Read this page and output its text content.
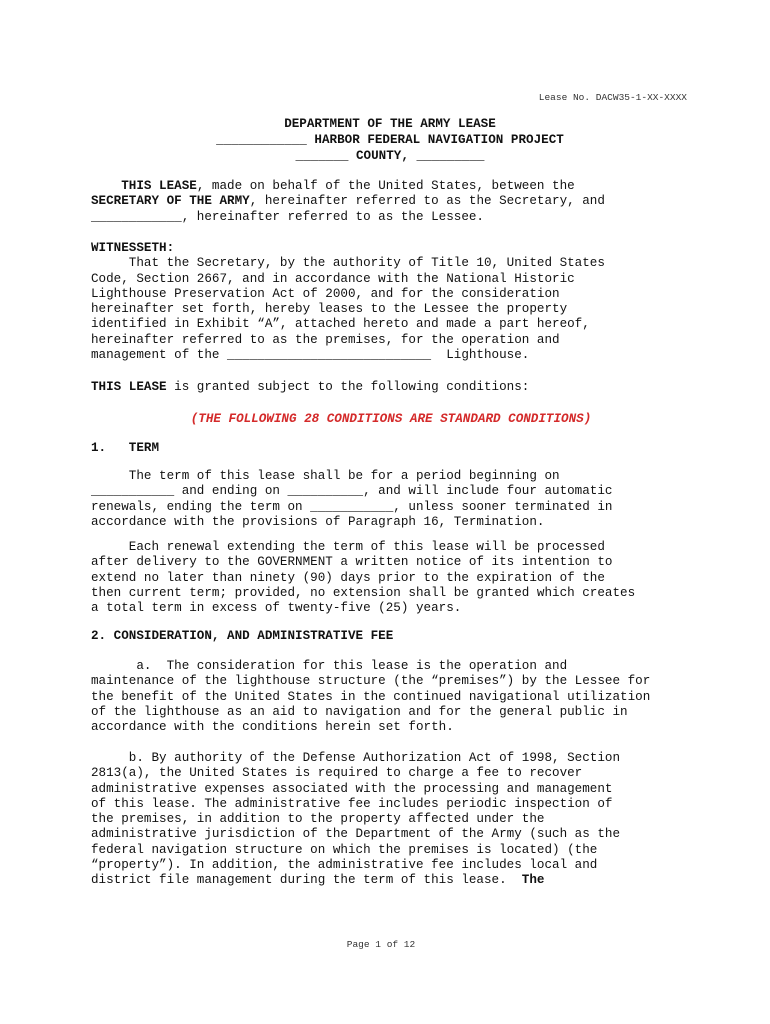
Lease No. DACW35-1-XX-XXXX
DEPARTMENT OF THE ARMY LEASE
____________ HARBOR FEDERAL NAVIGATION PROJECT
_______ COUNTY, _________
THIS LEASE, made on behalf of the United States, between the
SECRETARY OF THE ARMY, hereinafter referred to as the Secretary, and
____________, hereinafter referred to as the Lessee.
WITNESSETH:
That the Secretary, by the authority of Title 10, United States
Code, Section 2667, and in accordance with the National Historic
Lighthouse Preservation Act of 2000, and for the consideration
hereinafter set forth, hereby leases to the Lessee the property
identified in Exhibit “A”, attached hereto and made a part hereof,
hereinafter referred to as the premises, for the operation and
management of the ___________________________  Lighthouse.
THIS LEASE is granted subject to the following conditions:
(THE FOLLOWING 28 CONDITIONS ARE STANDARD CONDITIONS)
1.   TERM
The term of this lease shall be for a period beginning on
___________ and ending on __________, and will include four automatic
renewals, ending the term on ___________, unless sooner terminated in
accordance with the provisions of Paragraph 16, Termination.
Each renewal extending the term of this lease will be processed
after delivery to the GOVERNMENT a written notice of its intention to
extend no later than ninety (90) days prior to the expiration of the
then current term; provided, no extension shall be granted which creates
a total term in excess of twenty-five (25) years.
2. CONSIDERATION, AND ADMINISTRATIVE FEE
a.  The consideration for this lease is the operation and
maintenance of the lighthouse structure (the “premises”) by the Lessee for
the benefit of the United States in the continued navigational utilization
of the lighthouse as an aid to navigation and for the general public in
accordance with the conditions herein set forth.
b. By authority of the Defense Authorization Act of 1998, Section
2813(a), the United States is required to charge a fee to recover
administrative expenses associated with the processing and management
of this lease. The administrative fee includes periodic inspection of
the premises, in addition to the property affected under the
administrative jurisdiction of the Department of the Army (such as the
federal navigation structure on which the premises is located) (the
“property”). In addition, the administrative fee includes local and
district file management during the term of this lease.  The
Page 1 of 12
